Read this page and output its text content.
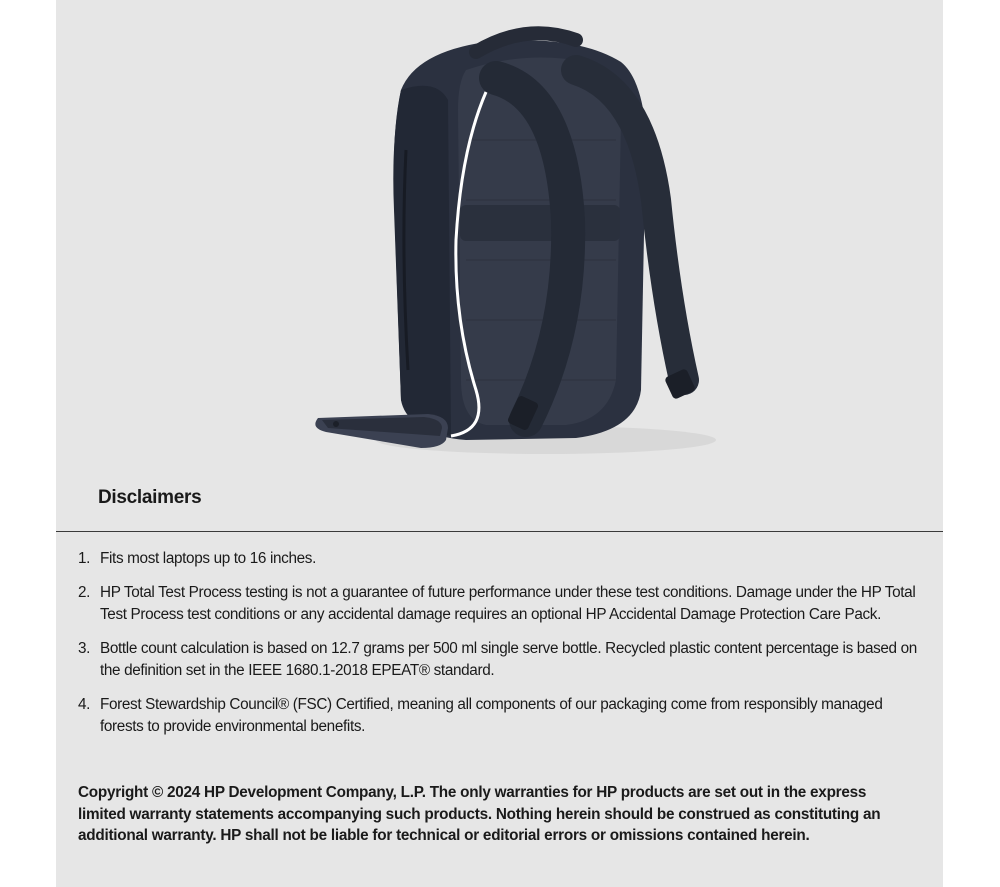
Disclaimers
1. Fits most laptops up to 16 inches.
2. HP Total Test Process testing is not a guarantee of future performance under these test conditions. Damage under the HP Total Test Process test conditions or any accidental damage requires an optional HP Accidental Damage Protection Care Pack.
3. Bottle count calculation is based on 12.7 grams per 500 ml single serve bottle. Recycled plastic content percentage is based on the definition set in the IEEE 1680.1-2018 EPEAT® standard.
4. Forest Stewardship Council® (FSC) Certified, meaning all components of our packaging come from responsibly managed forests to provide environmental benefits.

Copyright © 2024 HP Development Company, L.P. The only warranties for HP products are set out in the express limited warranty statements accompanying such products. Nothing herein should be construed as constituting an additional warranty. HP shall not be liable for technical or editorial errors or omissions contained herein.
